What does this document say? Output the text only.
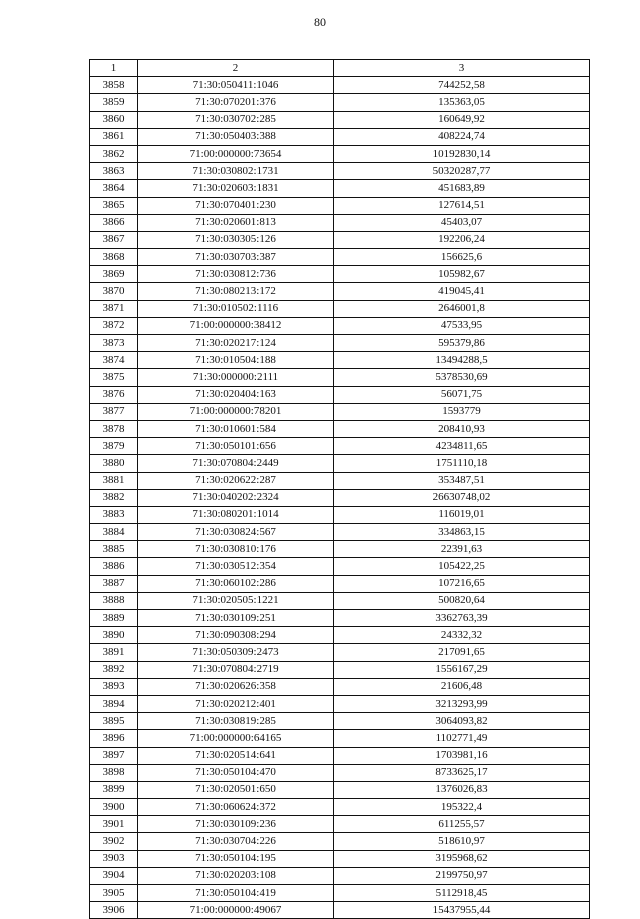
80
1	2	3
3858	71:30:050411:1046	744252,58
3859	71:30:070201:376	135363,05
3860	71:30:030702:285	160649,92
3861	71:30:050403:388	408224,74
3862	71:00:000000:73654	10192830,14
3863	71:30:030802:1731	50320287,77
3864	71:30:020603:1831	451683,89
3865	71:30:070401:230	127614,51
3866	71:30:020601:813	45403,07
3867	71:30:030305:126	192206,24
3868	71:30:030703:387	156625,6
3869	71:30:030812:736	105982,67
3870	71:30:080213:172	419045,41
3871	71:30:010502:1116	2646001,8
3872	71:00:000000:38412	47533,95
3873	71:30:020217:124	595379,86
3874	71:30:010504:188	13494288,5
3875	71:30:000000:2111	5378530,69
3876	71:30:020404:163	56071,75
3877	71:00:000000:78201	1593779
3878	71:30:010601:584	208410,93
3879	71:30:050101:656	4234811,65
3880	71:30:070804:2449	1751110,18
3881	71:30:020622:287	353487,51
3882	71:30:040202:2324	26630748,02
3883	71:30:080201:1014	116019,01
3884	71:30:030824:567	334863,15
3885	71:30:030810:176	22391,63
3886	71:30:030512:354	105422,25
3887	71:30:060102:286	107216,65
3888	71:30:020505:1221	500820,64
3889	71:30:030109:251	3362763,39
3890	71:30:090308:294	24332,32
3891	71:30:050309:2473	217091,65
3892	71:30:070804:2719	1556167,29
3893	71:30:020626:358	21606,48
3894	71:30:020212:401	3213293,99
3895	71:30:030819:285	3064093,82
3896	71:00:000000:64165	1102771,49
3897	71:30:020514:641	1703981,16
3898	71:30:050104:470	8733625,17
3899	71:30:020501:650	1376026,83
3900	71:30:060624:372	195322,4
3901	71:30:030109:236	611255,57
3902	71:30:030704:226	518610,97
3903	71:30:050104:195	3195968,62
3904	71:30:020203:108	2199750,97
3905	71:30:050104:419	5112918,45
3906	71:00:000000:49067	15437955,44
